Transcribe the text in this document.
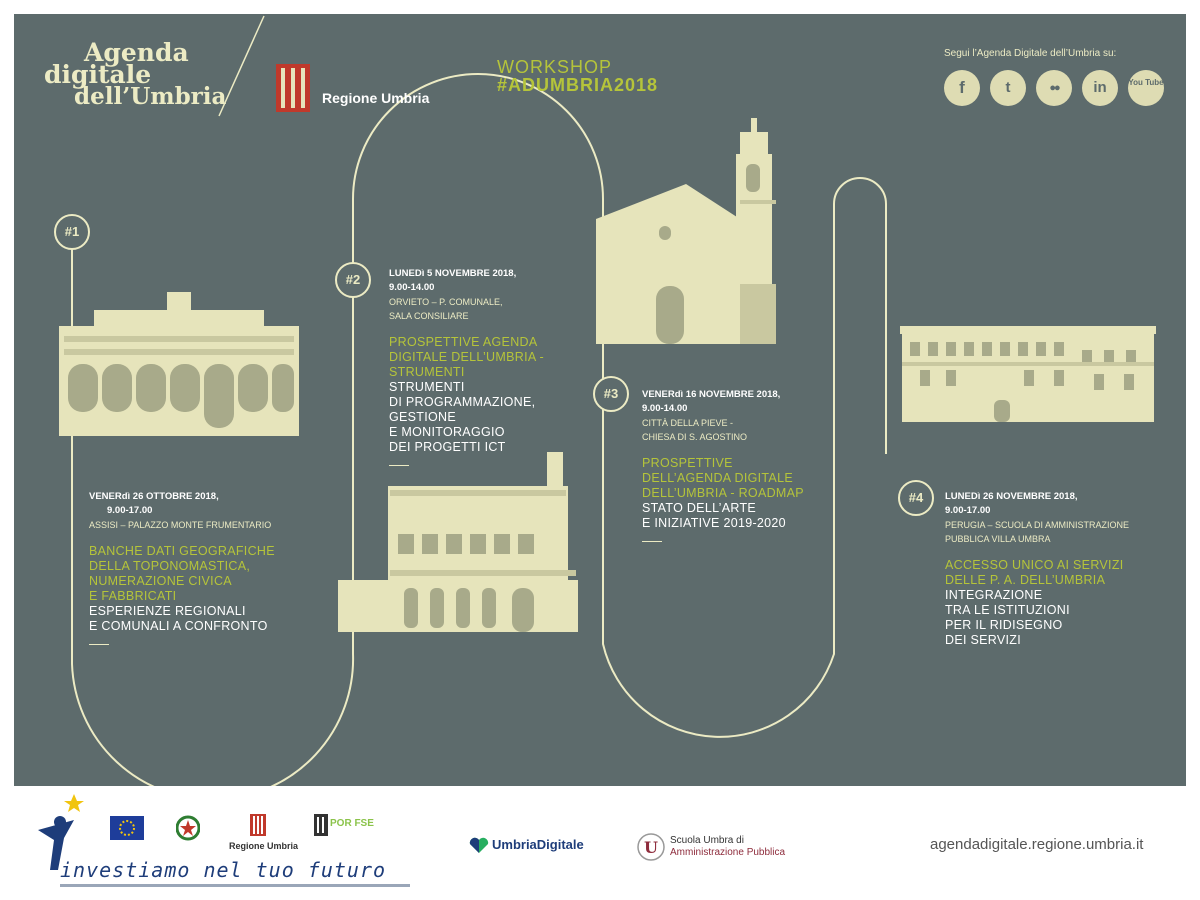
Agenda
digitale
dell’Umbria	Regione Umbria
WORKSHOP
#ADUMBRIA2018
Segui l’Agenda Digitale dell’Umbria su:
f	t	●●	in	You Tube
#1
#2
#3
#4
VENERdì 26 OTTOBRE 2018,
9.00-17.00
ASSISI – PALAZZO MONTE FRUMENTARIO
BANCHE DATI GEOGRAFICHE
DELLA TOPONOMASTICA,
NUMERAZIONE CIVICA
E FABBRICATI
ESPERIENZE REGIONALI
E COMUNALI A CONFRONTO
LUNEDì 5 NOVEMBRE 2018,
9.00-14.00
ORVIETO – P. COMUNALE,
SALA CONSILIARE
PROSPETTIVE AGENDA
DIGITALE DELL’UMBRIA -
STRUMENTI
STRUMENTI
DI PROGRAMMAZIONE,
GESTIONE
E MONITORAGGIO
DEI PROGETTI ICT
VENERdì 16 NOVEMBRE 2018,
9.00-14.00
CITTÀ DELLA PIEVE -
CHIESA DI S. AGOSTINO
PROSPETTIVE
DELL’AGENDA DIGITALE
DELL’UMBRIA - ROADMAP
STATO DELL’ARTE
E INIZIATIVE 2019-2020
LUNEDì 26 NOVEMBRE 2018,
9.00-17.00
PERUGIA – SCUOLA DI AMMINISTRAZIONE
PUBBLICA VILLA UMBRA
ACCESSO UNICO AI SERVIZI
DELLE P. A. DELL’UMBRIA
INTEGRAZIONE
TRA LE ISTITUZIONI
PER IL RIDISEGNO
DEI SERVIZI
investiamo nel tuo futuro
Regione Umbria
POR FSE
UmbriaDigitale	U Scuola Umbra di
Amministrazione Pubblica	agendadigitale.regione.umbria.it
